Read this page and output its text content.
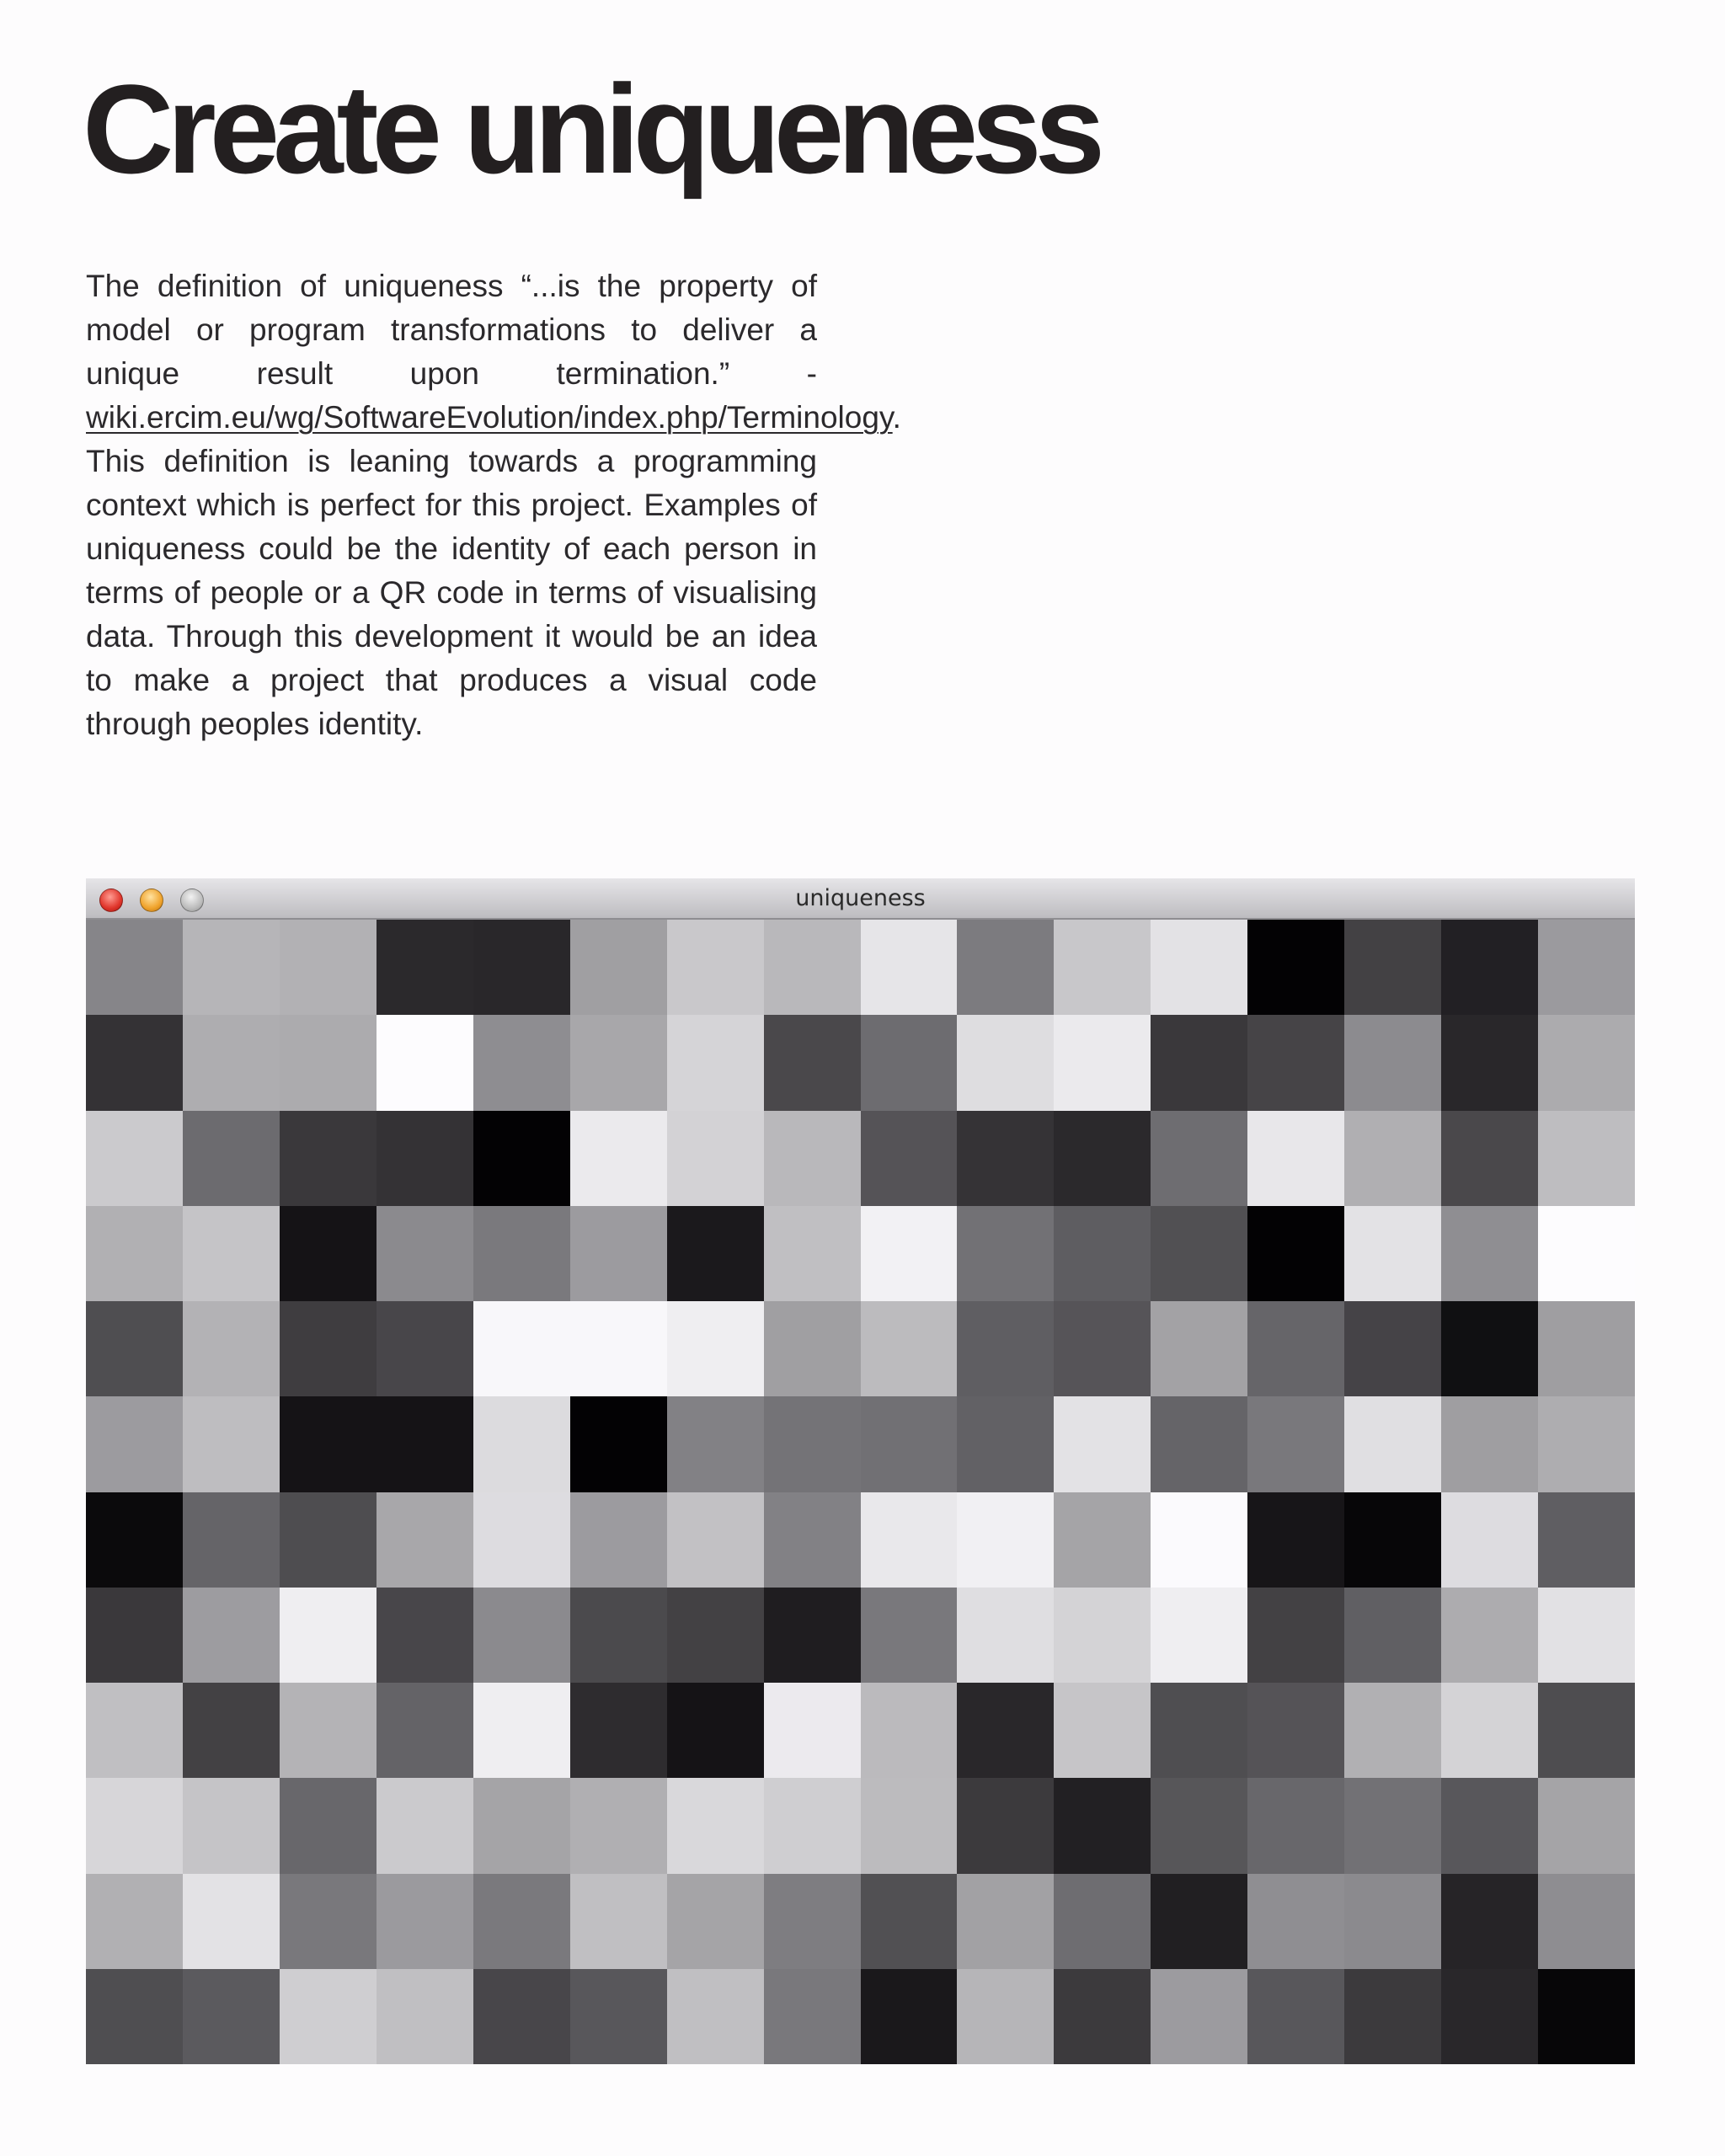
Create uniqueness

The definition of uniqueness “...is the property of model or program transformations to deliver a unique result upon termination.” - wiki.ercim.eu/wg/SoftwareEvolution/index.php/Terminology. This definition is leaning towards a programming context which is perfect for this project. Examples of uniqueness could be the identity of each person in terms of people or a QR code in terms of visualising data. Through this development it would be an idea to make a project that produces a visual code through peoples identity.

uniqueness
